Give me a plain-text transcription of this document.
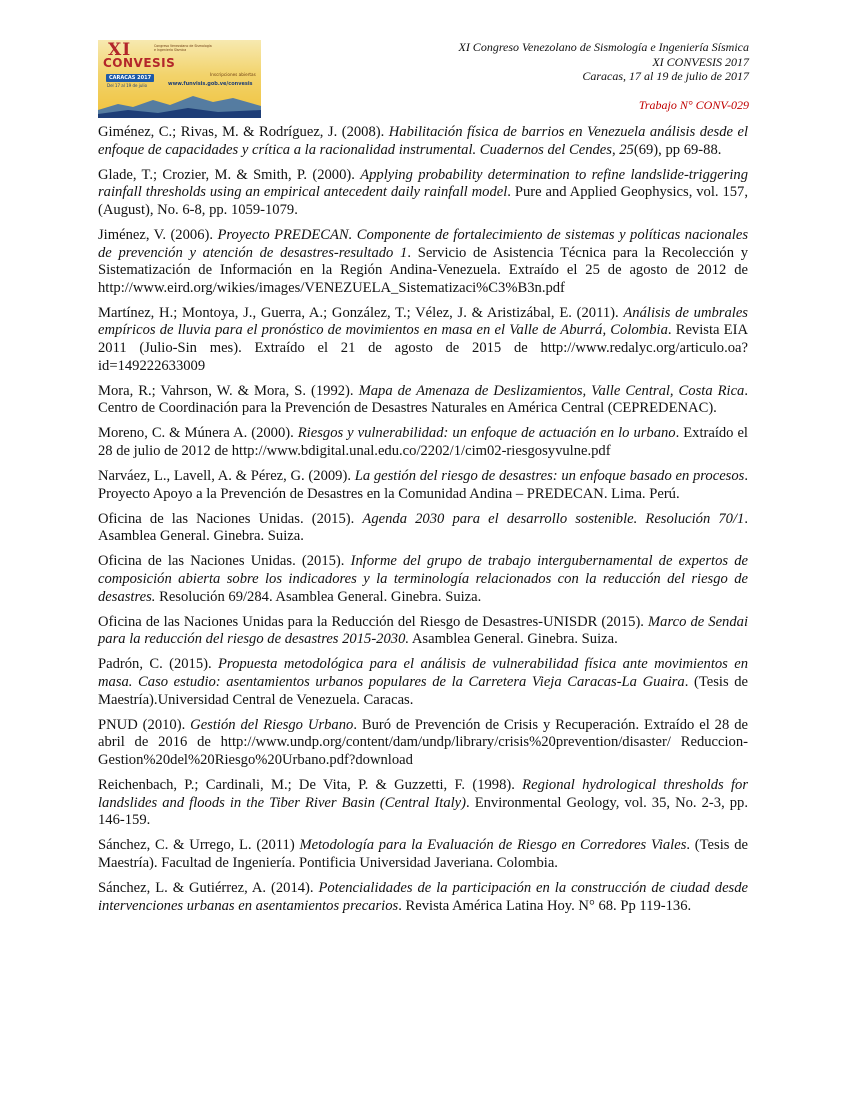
XI
CONVESIS
Congreso Venezolano de Sismología e Ingeniería Sísmica
CARACAS 2017
Del 17 al 19 de julio
Inscripciones abiertas
www.funvisis.gob.ve/convesis
XI Congreso Venezolano de Sismología e Ingeniería Sísmica
XI CONVESIS 2017
Caracas, 17 al 19 de julio de 2017
Trabajo N° CONV-029

Giménez, C.; Rivas, M. & Rodríguez, J. (2008). Habilitación física de barrios en Venezuela análisis desde el enfoque de capacidades y crítica a la racionalidad instrumental. Cuadernos del Cendes, 25(69), pp 69-88.

Glade, T.; Crozier, M. & Smith, P. (2000). Applying probability determination to refine landslide-triggering rainfall thresholds using an empirical antecedent daily rainfall model. Pure and Applied Geophysics, vol. 157, (August), No. 6-8, pp. 1059-1079.

Jiménez, V. (2006). Proyecto PREDECAN. Componente de fortalecimiento de sistemas y políticas nacionales de prevención y atención de desastres-resultado 1. Servicio de Asistencia Técnica para la Recolección y Sistematización de Información en la Región Andina-Venezuela. Extraído el 25 de agosto de 2012 de http://www.eird.org/wikies/images/VENEZUELA_Sistematizaci%C3%B3n.pdf

Martínez, H.; Montoya, J., Guerra, A.; González, T.; Vélez, J. & Aristizábal, E. (2011). Análisis de umbrales empíricos de lluvia para el pronóstico de movimientos en masa en el Valle de Aburrá, Colombia. Revista EIA 2011 (Julio-Sin mes). Extraído el 21 de agosto de 2015 de http://www.redalyc.org/articulo.oa?id=149222633009

Mora, R.; Vahrson, W. & Mora, S. (1992). Mapa de Amenaza de Deslizamientos, Valle Central, Costa Rica. Centro de Coordinación para la Prevención de Desastres Naturales en América Central (CEPREDENAC).

Moreno, C. & Múnera A. (2000). Riesgos y vulnerabilidad: un enfoque de actuación en lo urbano. Extraído el 28 de julio de 2012 de http://www.bdigital.unal.edu.co/2202/1/cim02-riesgosyvulne.pdf

Narváez, L., Lavell, A. & Pérez, G. (2009). La gestión del riesgo de desastres: un enfoque basado en procesos. Proyecto Apoyo a la Prevención de Desastres en la Comunidad Andina – PREDECAN. Lima. Perú.

Oficina de las Naciones Unidas. (2015). Agenda 2030 para el desarrollo sostenible. Resolución 70/1. Asamblea General. Ginebra. Suiza.

Oficina de las Naciones Unidas. (2015). Informe del grupo de trabajo intergubernamental de expertos de composición abierta sobre los indicadores y la terminología relacionados con la reducción del riesgo de desastres. Resolución 69/284. Asamblea General. Ginebra. Suiza.

Oficina de las Naciones Unidas para la Reducción del Riesgo de Desastres-UNISDR (2015). Marco de Sendai para la reducción del riesgo de desastres 2015-2030. Asamblea General. Ginebra. Suiza.

Padrón, C. (2015). Propuesta metodológica para el análisis de vulnerabilidad física ante movimientos en masa. Caso estudio: asentamientos urbanos populares de la Carretera Vieja Caracas-La Guaira. (Tesis de Maestría).Universidad Central de Venezuela. Caracas.

PNUD (2010). Gestión del Riesgo Urbano. Buró de Prevención de Crisis y Recuperación. Extraído el 28 de abril de 2016 de http://www.undp.org/content/dam/undp/library/crisis%20prevention/disaster/ Reduccion-Gestion%20del%20Riesgo%20Urbano.pdf?download

Reichenbach, P.; Cardinali, M.; De Vita, P. & Guzzetti, F. (1998). Regional hydrological thresholds for landslides and floods in the Tiber River Basin (Central Italy). Environmental Geology, vol. 35, No. 2-3, pp. 146-159.

Sánchez, C. & Urrego, L. (2011) Metodología para la Evaluación de Riesgo en Corredores Viales. (Tesis de Maestría). Facultad de Ingeniería. Pontificia Universidad Javeriana. Colombia.

Sánchez, L. & Gutiérrez, A. (2014). Potencialidades de la participación en la construcción de ciudad desde intervenciones urbanas en asentamientos precarios. Revista América Latina Hoy. N° 68. Pp 119-136.
